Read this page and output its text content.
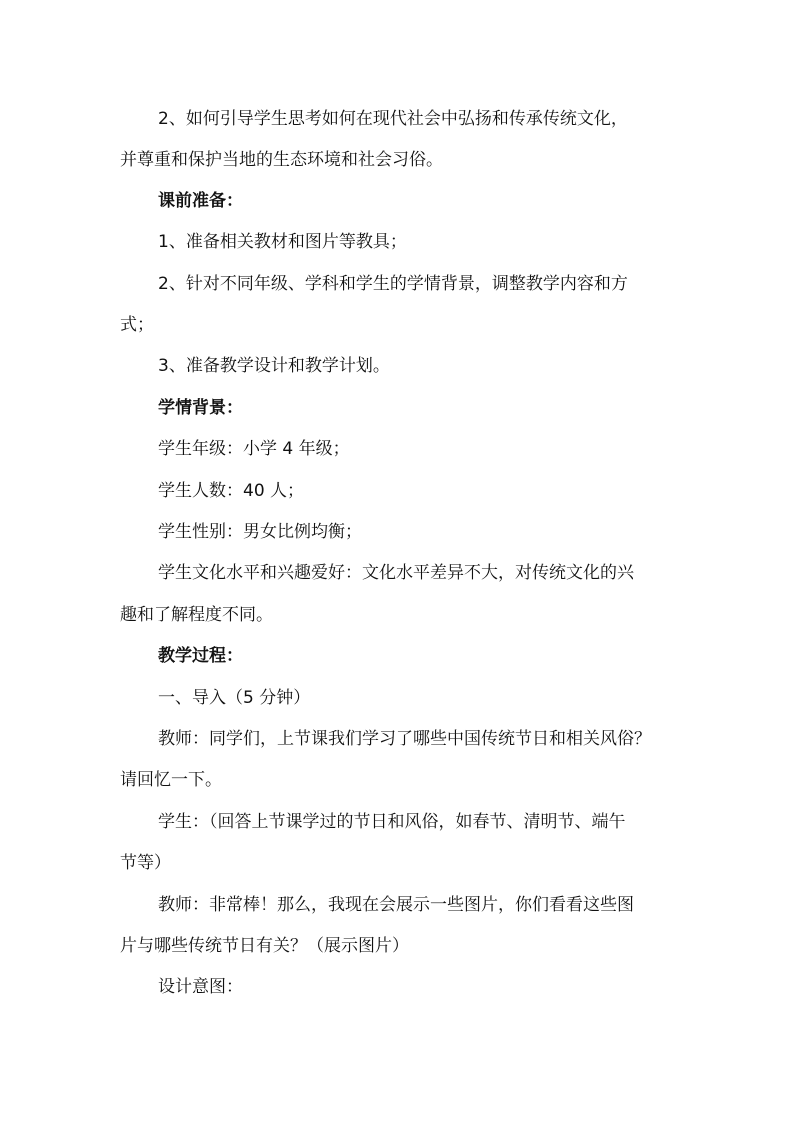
2、如何引导学生思考如何在现代社会中弘扬和传承传统文化，
并尊重和保护当地的生态环境和社会习俗。
课前准备：
1、准备相关教材和图片等教具；
2、针对不同年级、学科和学生的学情背景，调整教学内容和方
式；
3、准备教学设计和教学计划。
学情背景：
学生年级：小学 4 年级；
学生人数：40 人；
学生性别：男女比例均衡；
学生文化水平和兴趣爱好：文化水平差异不大，对传统文化的兴
趣和了解程度不同。
教学过程：
一、导入（5 分钟）
教师：同学们，上节课我们学习了哪些中国传统节日和相关风俗？
请回忆一下。
学生：（回答上节课学过的节日和风俗，如春节、清明节、端午
节等）
教师：非常棒！那么，我现在会展示一些图片，你们看看这些图
片与哪些传统节日有关？（展示图片）
设计意图：
